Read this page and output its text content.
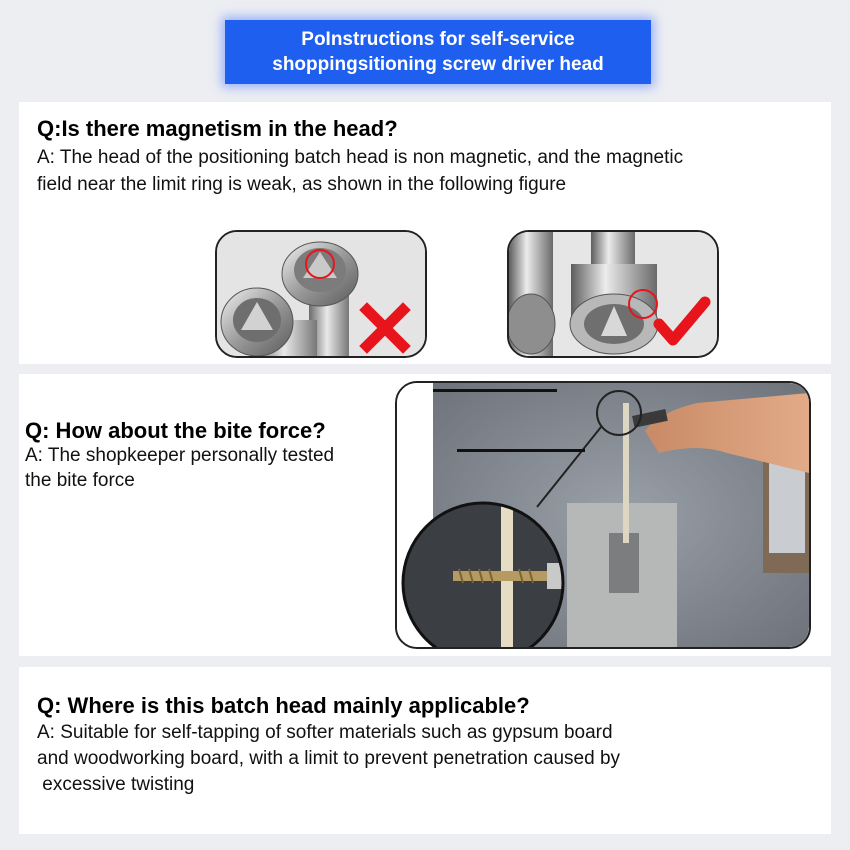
PoInstructions for self-service
shoppingsitioning screw driver head
Q:Is there magnetism in the head?
A: The head of the positioning batch head is non magnetic, and the magnetic
field near the limit ring is weak, as shown in the following figure
Q: How about the bite force?
A: The shopkeeper personally tested
the bite force
Q: Where is this batch head mainly applicable?
A: Suitable for self-tapping of softer materials such as gypsum board
and woodworking board, with a limit to prevent penetration caused by
excessive twisting
